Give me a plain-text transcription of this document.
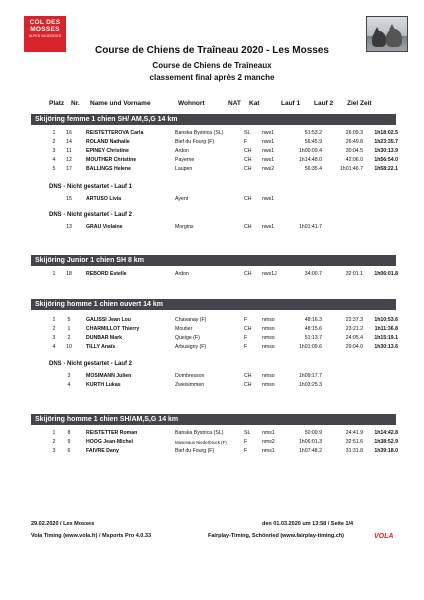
COL DES
MOSSES
ALPES VAUDOISES
Course de Chiens de Traîneau 2020 - Les Mosses
Course de Chiens de Traîneaux
classement final après 2 manche
Platz Nr. Name und Vorname	Wohnort	NAT Kat	Lauf 1 Lauf 2 Ziel Zeit
Skijöring femme 1 chien SH/ AM,S,G 14 km
1	16	REISTETTEROVA Carla	Banska Bystrica (SL)	SL nws1	51:53.2	26:09.3	1h18:02.5
2	14	ROLAND Nathalie	Bief du Fourg (F)	F	nws1	56:45.9	26:49.8	1h23:35.7
3	11	EPINEY Christine	Ardon	CH nws1	1h00:09.4	30:04.5	1h30:13.9
4	12	MOUTHER Christine	Payerne	CH nws1	1h14:48.0	42:06.0	1h56:54.0
5	17	BALLINGS Helene	Laupen	CH nws2	56:35.4	1h01:46.7	1h58:22.1
DNS - Nicht gestartet - Lauf 1
15	ARTUSO Livia	Ayent	CH nws1
DNS - Nicht gestartet - Lauf 2
13	GRAU Violaine	Morgins	CH nws1	1h01:41.7
Skijöring Junior 1 chien SH 8 km
1	18	REBORD Estelle	Ardon	CH nws1J	34:00.7	32:01.1	1h06:01.8
Skijöring homme 1 chien ouvert 14 km
1	5	GALISSI Jean Lou	Chavanay (F)	F	nmso	48:16.3	22:37.3	1h10:53.6
2	1	CHARMILLOT Thierry	Moutier	CH nmso	48:15.6	23:21.2	1h11:36.8
3	2	DUNBAR Mark	Queige (F)	F	nmso	51:13.7	24:05.4	1h15:19.1
4	10	TILLY Anaïs	Arbusigny (F)	F	nmso	1h01:09.6	29:04.0	1h30:13.6
DNS - Nicht gestartet - Lauf 2
3	MOSIMANN Julien	Dombresson	CH nmso	1h09:17.7
4	KURTH Lukas	Zweisimmen	CH nmso	1h03:25.3
Skijöring homme 1 chien SH/AM,S,G 14 km
1	8	REISTETTER Roman	Banska Bystrica (SL)	SL nms1	50:00.9	24:41.9	1h14:42.8
2	9	HOOG Jean-Michel	Masevaux Niederbruck (F)	F	nms2	1h06:01.3	32:51.6	1h38:52.9
3	6	FAIVRE Dany	Bief du Fourg (F)	F	nms1	1h07:48.2	31:31.8	1h39:18.0
29.02.2020 / Les Mosses	den 01.03.2020 um 13:58 / Seite 1/4
Vola Timing (www.vola.fr) / Msports Pro 4.0.33	Fairplay-Timing, Schönried (www.fairplay-timing.ch)	VOLA
